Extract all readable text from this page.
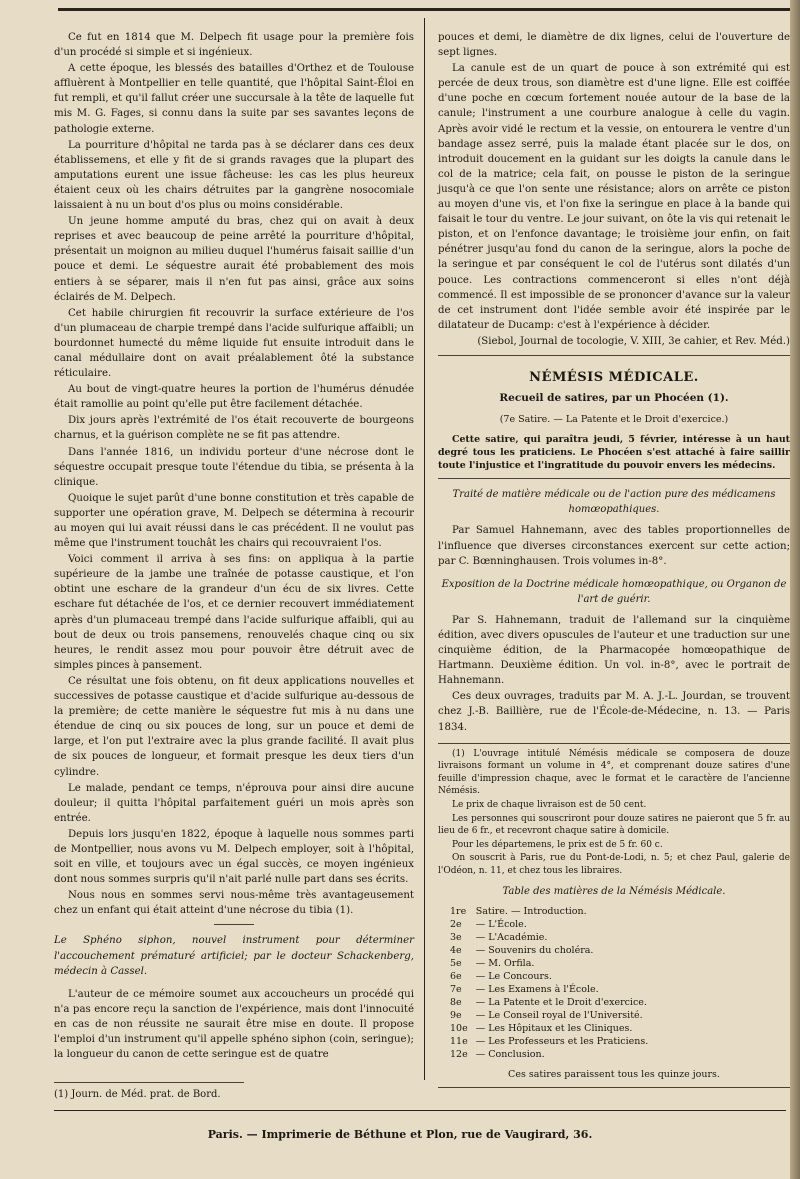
Ce fut en 1814 que M. Delpech fit usage pour la première fois d'un procédé si simple et si ingénieux.

A cette époque, les blessés des batailles d'Orthez et de Toulouse affluèrent à Montpellier en telle quantité, que l'hôpital Saint-Éloi en fut rempli, et qu'il fallut créer une succursale à la tête de laquelle fut mis M. G. Fages, si connu dans la suite par ses savantes leçons de pathologie externe.

La pourriture d'hôpital ne tarda pas à se déclarer dans ces deux établissemens, et elle y fit de si grands ravages que la plupart des amputations eurent une issue fâcheuse: les cas les plus heureux étaient ceux où les chairs détruites par la gangrène nosocomiale laissaient à nu un bout d'os plus ou moins considérable.

Un jeune homme amputé du bras, chez qui on avait à deux reprises et avec beaucoup de peine arrêté la pourriture d'hôpital, présentait un moignon au milieu duquel l'humérus faisait saillie d'un pouce et demi. Le séquestre aurait été probablement des mois entiers à se séparer, mais il n'en fut pas ainsi, grâce aux soins éclairés de M. Delpech.

Cet habile chirurgien fit recouvrir la surface extérieure de l'os d'un plumaceau de charpie trempé dans l'acide sulfurique affaibli; un bourdonnet humecté du même liquide fut ensuite introduit dans le canal médullaire dont on avait préalablement ôté la substance réticulaire.

Au bout de vingt-quatre heures la portion de l'humérus dénudée était ramollie au point qu'elle put être facilement détachée.

Dix jours après l'extrémité de l'os était recouverte de bourgeons charnus, et la guérison complète ne se fit pas attendre.

Dans l'année 1816, un individu porteur d'une nécrose dont le séquestre occupait presque toute l'étendue du tibia, se présenta à la clinique.

Quoique le sujet parût d'une bonne constitution et très capable de supporter une opération grave, M. Delpech se détermina à recourir au moyen qui lui avait réussi dans le cas précédent. Il ne voulut pas même que l'instrument touchât les chairs qui recouvraient l'os.

Voici comment il arriva à ses fins: on appliqua à la partie supérieure de la jambe une traînée de potasse caustique, et l'on obtint une eschare de la grandeur d'un écu de six livres. Cette eschare fut détachée de l'os, et ce dernier recouvert immédiatement après d'un plumaceau trempé dans l'acide sulfurique affaibli, qui au bout de deux ou trois pansemens, renouvelés chaque cinq ou six heures, le rendit assez mou pour pouvoir être détruit avec de simples pinces à pansement.

Ce résultat une fois obtenu, on fit deux applications nouvelles et successives de potasse caustique et d'acide sulfurique au-dessous de la première; de cette manière le séquestre fut mis à nu dans une étendue de cinq ou six pouces de long, sur un pouce et demi de large, et l'on put l'extraire avec la plus grande facilité. Il avait plus de six pouces de longueur, et formait presque les deux tiers d'un cylindre.

Le malade, pendant ce temps, n'éprouva pour ainsi dire aucune douleur; il quitta l'hôpital parfaitement guéri un mois après son entrée.

Depuis lors jusqu'en 1822, époque à laquelle nous sommes parti de Montpellier, nous avons vu M. Delpech employer, soit à l'hôpital, soit en ville, et toujours avec un égal succès, ce moyen ingénieux dont nous sommes surpris qu'il n'ait parlé nulle part dans ses écrits.

Nous nous en sommes servi nous-même très avantageusement chez un enfant qui était atteint d'une nécrose du tibia (1).

Le Sphéno siphon, nouvel instrument pour déterminer l'accouchement prématuré artificiel; par le docteur Schackenberg, médecin à Cassel.

L'auteur de ce mémoire soumet aux accoucheurs un procédé qui n'a pas encore reçu la sanction de l'expérience, mais dont l'innocuité en cas de non réussite ne saurait être mise en doute. Il propose l'emploi d'un instrument qu'il appelle sphéno siphon (coin, seringue); la longueur du canon de cette seringue est de quatre

pouces et demi, le diamètre de dix lignes, celui de l'ouverture de sept lignes.

La canule est de un quart de pouce à son extrémité qui est percée de deux trous, son diamètre est d'une ligne. Elle est coiffée d'une poche en cœcum fortement nouée autour de la base de la canule; l'instrument a une courbure analogue à celle du vagin. Après avoir vidé le rectum et la vessie, on entourera le ventre d'un bandage assez serré, puis la malade étant placée sur le dos, on introduit doucement en la guidant sur les doigts la canule dans le col de la matrice; cela fait, on pousse le piston de la seringue jusqu'à ce que l'on sente une résistance; alors on arrête ce piston au moyen d'une vis, et l'on fixe la seringue en place à la bande qui faisait le tour du ventre. Le jour suivant, on ôte la vis qui retenait le piston, et on l'enfonce davantage; le troisième jour enfin, on fait pénétrer jusqu'au fond du canon de la seringue, alors la poche de la seringue et par conséquent le col de l'utérus sont dilatés d'un pouce. Les contractions commenceront si elles n'ont déjà commencé. Il est impossible de se prononcer d'avance sur la valeur de cet instrument dont l'idée semble avoir été inspirée par le dilatateur de Ducamp: c'est à l'expérience à décider.

(Siebol, Journal de tocologie, V. XIII, 3e cahier, et Rev. Méd.)

NÉMÉSIS MÉDICALE.

Recueil de satires, par un Phocéen (1).

(7e Satire. — La Patente et le Droit d'exercice.)

Cette satire, qui paraîtra jeudi, 5 février, intéresse à un haut degré tous les praticiens. Le Phocéen s'est attaché à faire saillir toute l'injustice et l'ingratitude du pouvoir envers les médecins.

Traité de matière médicale ou de l'action pure des médicamens homœopathiques.

Par Samuel Hahnemann, avec des tables proportionnelles de l'influence que diverses circonstances exercent sur cette action; par C. Bœnninghausen. Trois volumes in-8°.

Exposition de la Doctrine médicale homœopathique, ou Organon de l'art de guérir.

Par S. Hahnemann, traduit de l'allemand sur la cinquième édition, avec divers opuscules de l'auteur et une traduction sur une cinquième édition, de la Pharmacopée homœopathique de Hartmann. Deuxième édition. Un vol. in-8°, avec le portrait de Hahnemann.

Ces deux ouvrages, traduits par M. A. J.-L. Jourdan, se trouvent chez J.-B. Baillière, rue de l'École-de-Médecine, n. 13. — Paris 1834.

(1) L'ouvrage intitulé Némésis médicale se composera de douze livraisons formant un volume in 4°, et comprenant douze satires d'une feuille d'impression chaque, avec le format et le caractère de l'ancienne Némésis.

Le prix de chaque livraison est de 50 cent.

Les personnes qui souscriront pour douze satires ne paieront que 5 fr. au lieu de 6 fr., et recevront chaque satire à domicile.

Pour les départemens, le prix est de 5 fr. 60 c.

On souscrit à Paris, rue du Pont-de-Lodi, n. 5; et chez Paul, galerie de l'Odéon, n. 11, et chez tous les libraires.

Table des matières de la Némésis Médicale.

1re	Satire. — Introduction.
2e	— L'École.
3e	— L'Académie.
4e	— Souvenirs du choléra.
5e	— M. Orfila.
6e	— Le Concours.
7e	— Les Examens à l'École.
8e	— La Patente et le Droit d'exercice.
9e	— Le Conseil royal de l'Université.
10e	— Les Hôpitaux et les Cliniques.
11e	— Les Professeurs et les Praticiens.
12e	— Conclusion.

Ces satires paraissent tous les quinze jours.

(1) Journ. de Méd. prat. de Bord.
Paris. — Imprimerie de Béthune et Plon, rue de Vaugirard, 36.
